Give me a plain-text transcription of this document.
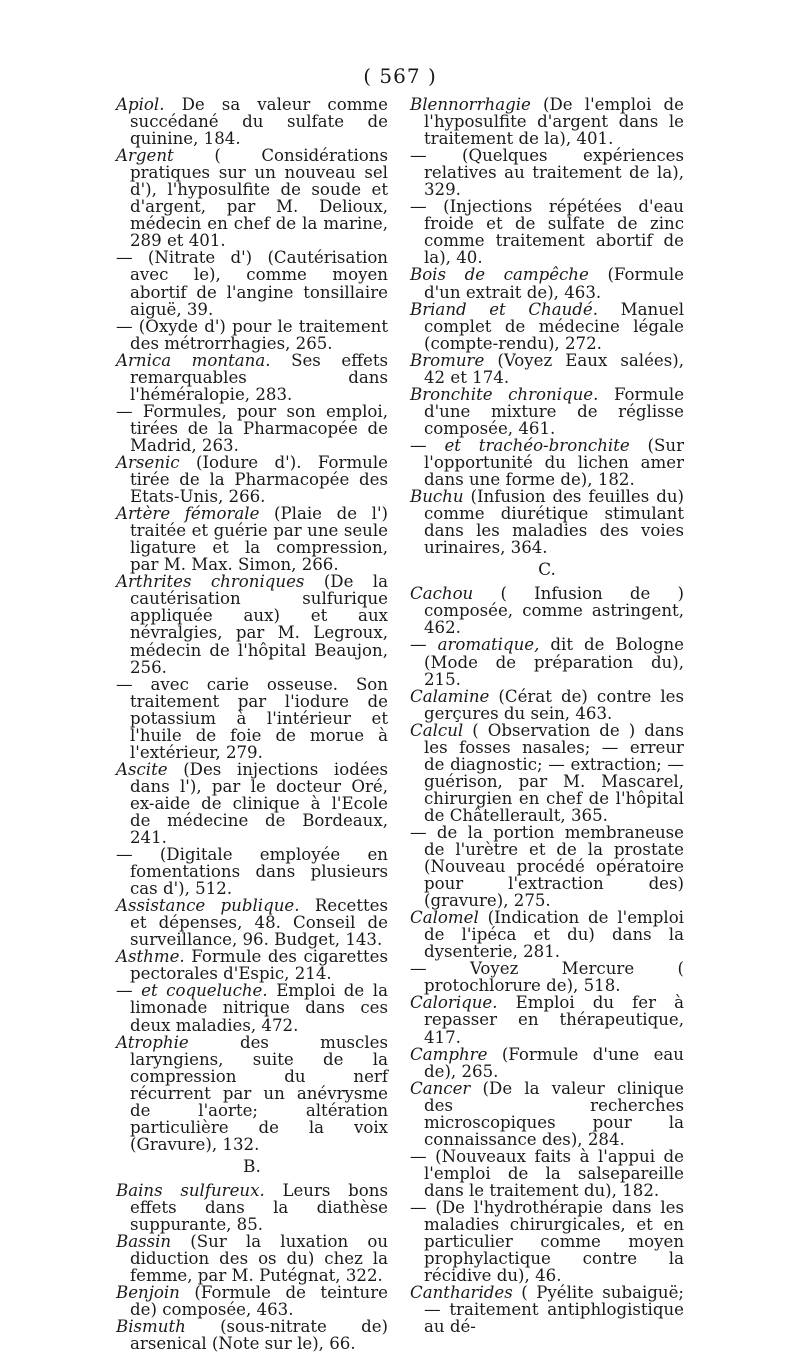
( 567 )

Apiol. De sa valeur comme succédané du sulfate de quinine, 184.

Argent ( Considérations pratiques sur un nouveau sel d'), l'hyposulfite de soude et d'argent, par M. Delioux, médecin en chef de la marine, 289 et 401.

— (Nitrate d') (Cautérisation avec le), comme moyen abortif de l'angine tonsillaire aiguë, 39.

— (Oxyde d') pour le traitement des métrorrhagies, 265.

Arnica montana. Ses effets remarquables dans l'héméralopie, 283.

— Formules, pour son emploi, tirées de la Pharmacopée de Madrid, 263.

Arsenic (Iodure d'). Formule tirée de la Pharmacopée des Etats-Unis, 266.

Artère fémorale (Plaie de l') traitée et guérie par une seule ligature et la compression, par M. Max. Simon, 266.

Arthrites chroniques (De la cautérisation sulfurique appliquée aux) et aux névralgies, par M. Legroux, médecin de l'hôpital Beaujon, 256.

— avec carie osseuse. Son traitement par l'iodure de potassium à l'intérieur et l'huile de foie de morue à l'extérieur, 279.

Ascite (Des injections iodées dans l'), par le docteur Oré, ex-aide de clinique à l'Ecole de médecine de Bordeaux, 241.

— (Digitale employée en fomentations dans plusieurs cas d'), 512.

Assistance publique. Recettes et dépenses, 48. Conseil de surveillance, 96. Budget, 143.

Asthme. Formule des cigarettes pectorales d'Espic, 214.

— et coqueluche. Emploi de la limonade nitrique dans ces deux maladies, 472.

Atrophie	des muscles laryngiens, suite de la compression du nerf récurrent par un anévrysme de l'aorte; altération particulière de la voix (Gravure), 132.

B.

Bains sulfureux. Leurs bons effets dans la diathèse suppurante, 85.

Bassin (Sur la luxation ou diduction des os du) chez la femme, par M. Putégnat, 322.

Benjoin (Formule de teinture de) composée, 463.

Bismuth (sous-nitrate de) arsenical (Note sur le), 66.

Blennorrhagie (De l'emploi de l'hyposulfite d'argent dans le traitement de la), 401.

— (Quelques expériences relatives au traitement de la), 329.

— (Injections répétées d'eau froide et de sulfate de zinc comme traitement abortif de la), 40.

Bois de campêche (Formule d'un extrait de), 463.

Briand et Chaudé. Manuel complet de médecine légale (compte-rendu), 272.

Bromure (Voyez Eaux salées), 42 et 174.

Bronchite chronique. Formule d'une mixture de réglisse composée, 461.

— et trachéo-bronchite (Sur l'opportunité du lichen amer dans une forme de), 182.

Buchu (Infusion des feuilles du) comme diurétique stimulant dans les maladies des voies urinaires, 364.

C.

Cachou ( Infusion de ) composée, comme astringent, 462.

— aromatique, dit de Bologne (Mode de préparation du), 215.

Calamine (Cérat de) contre les gerçures du sein, 463.

Calcul ( Observation de ) dans les fosses nasales; — erreur de diagnostic; — extraction; — guérison, par M. Mascarel, chirurgien en chef de l'hôpital de Châtellerault, 365.

— de la portion membraneuse de l'urètre et de la prostate (Nouveau procédé opératoire pour l'extraction des) (gravure), 275.

Calomel (Indication de l'emploi de l'ipéca et du) dans la dysenterie, 281.

— Voyez Mercure ( protochlorure de), 518.

Calorique. Emploi du fer à repasser en thérapeutique, 417.

Camphre (Formule d'une eau de), 265.

Cancer (De la valeur clinique des recherches microscopiques pour la connaissance des), 284.

— (Nouveaux faits à l'appui de l'emploi de la salsepareille dans le traitement du), 182.

— (De l'hydrothérapie dans les maladies chirurgicales, et en particulier comme moyen prophylactique contre la récidive du), 46.

Cantharides ( Pyélite subaiguë; — traitement antiphlogistique au dé-
